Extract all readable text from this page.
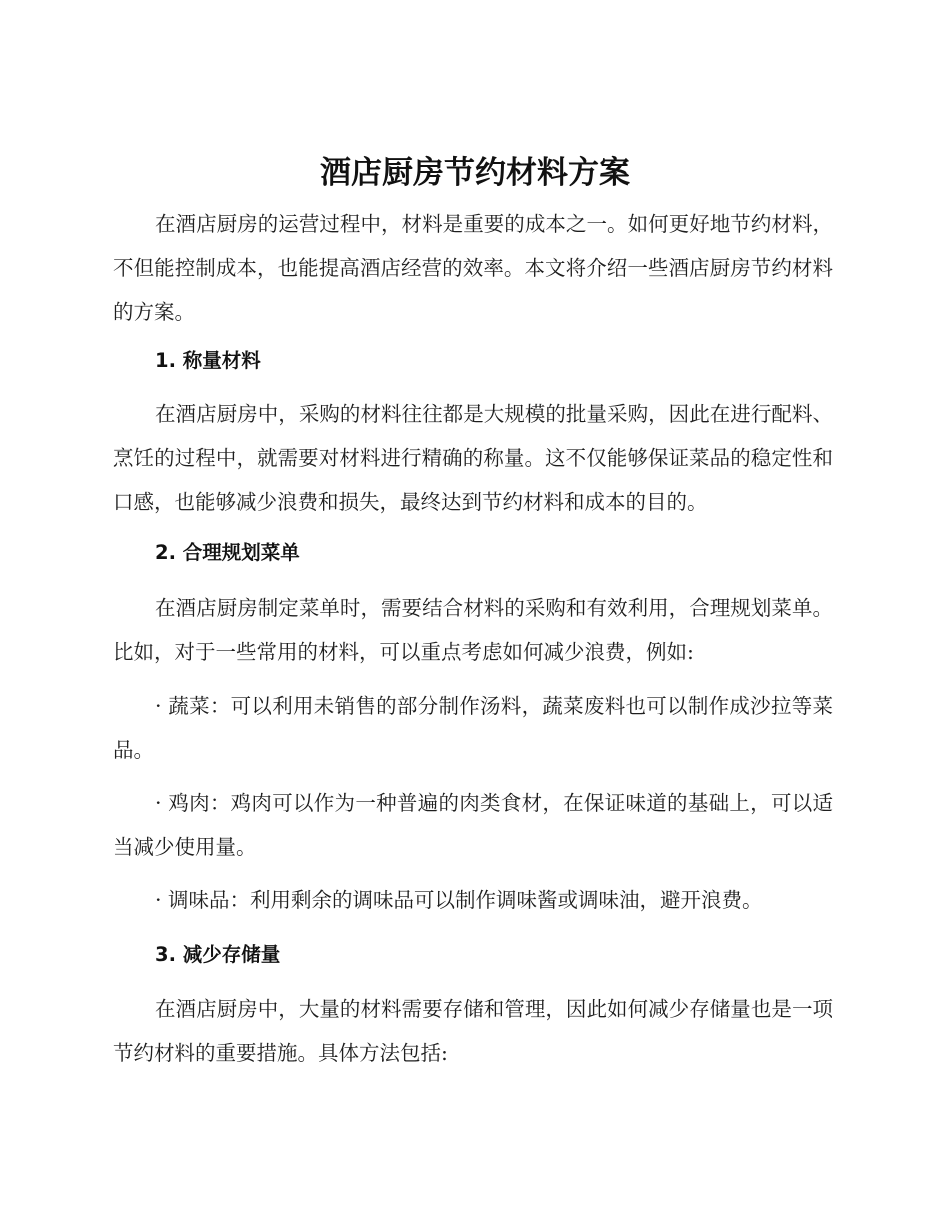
酒店厨房节约材料方案
在酒店厨房的运营过程中，材料是重要的成本之一。如何更好地节约材料，不但能控制成本，也能提高酒店经营的效率。本文将介绍一些酒店厨房节约材料的方案。
1. 称量材料
在酒店厨房中，采购的材料往往都是大规模的批量采购，因此在进行配料、烹饪的过程中，就需要对材料进行精确的称量。这不仅能够保证菜品的稳定性和口感，也能够减少浪费和损失，最终达到节约材料和成本的目的。
2. 合理规划菜单
在酒店厨房制定菜单时，需要结合材料的采购和有效利用，合理规划菜单。比如，对于一些常用的材料，可以重点考虑如何减少浪费，例如:
· 蔬菜：可以利用未销售的部分制作汤料，蔬菜废料也可以制作成沙拉等菜品。
· 鸡肉：鸡肉可以作为一种普遍的肉类食材，在保证味道的基础上，可以适当减少使用量。
· 调味品：利用剩余的调味品可以制作调味酱或调味油，避开浪费。
3. 减少存储量
在酒店厨房中，大量的材料需要存储和管理，因此如何减少存储量也是一项节约材料的重要措施。具体方法包括:
